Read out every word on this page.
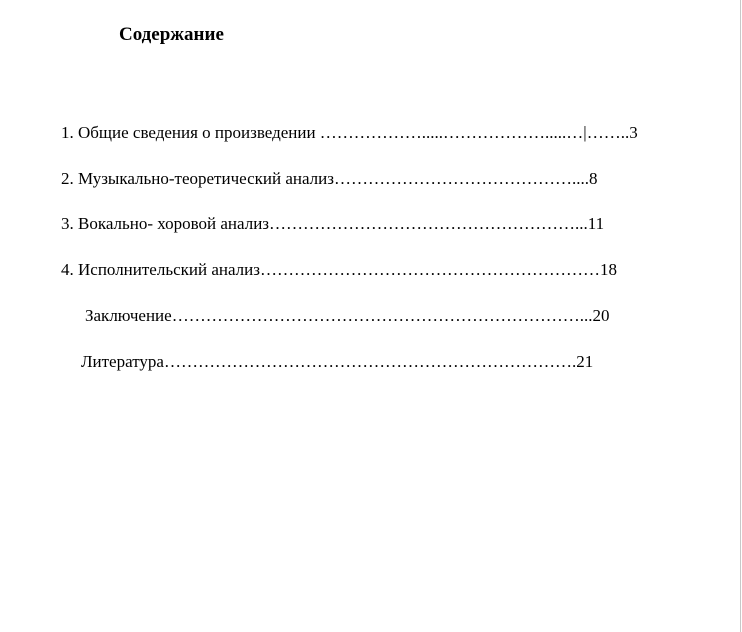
Содержание
1. Общие сведения о произведении ……………….....……………….....…|……..3
2. Музыкально-теоретический анализ……………………………………....8
3. Вокально- хоровой анализ………………………………………………...11
4. Исполнительский анализ……………………………………………………18
Заключение………………………………………………………………...20
Литература……………………………………………………………….21
